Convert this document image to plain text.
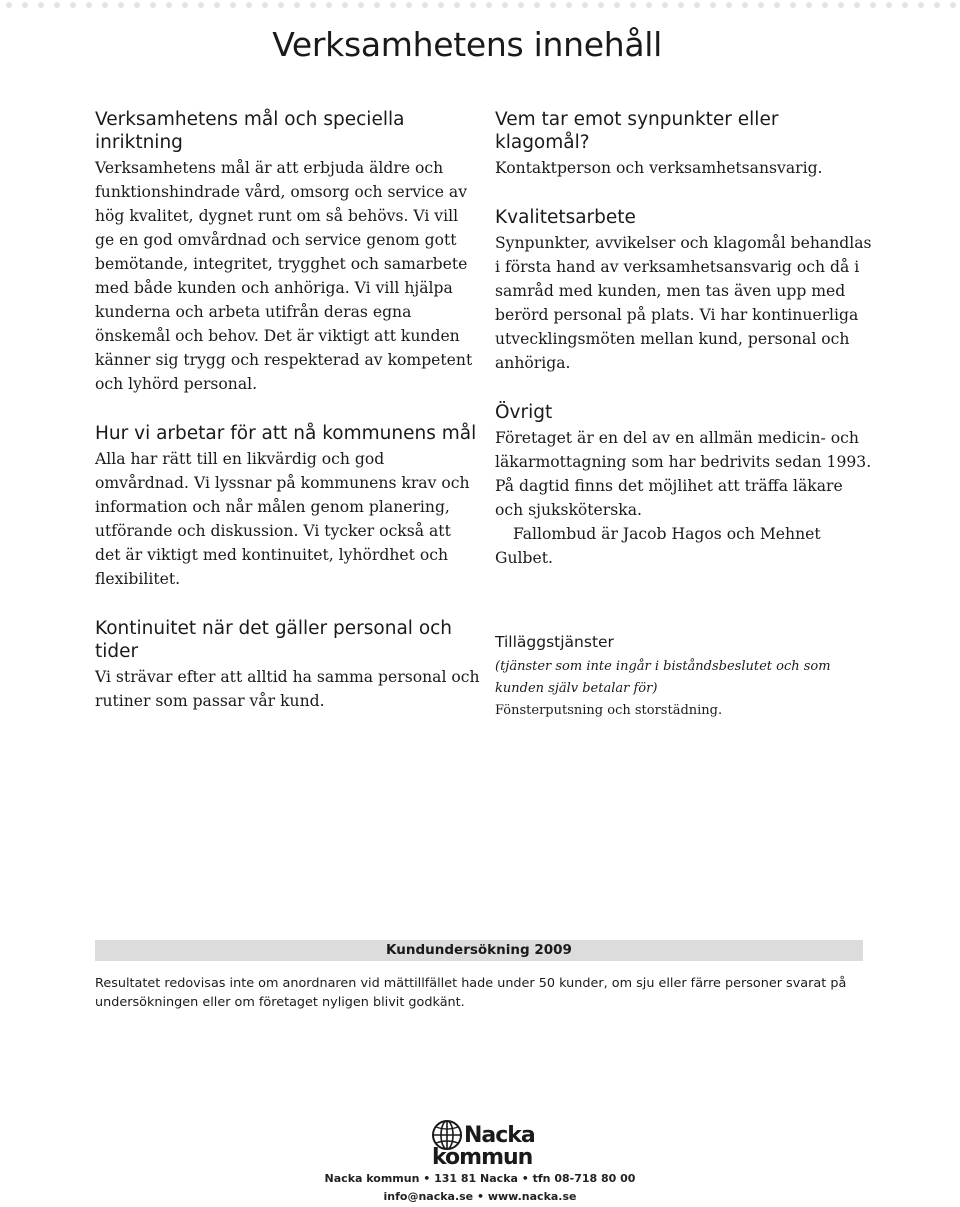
Verksamhetens innehåll
Verksamhetens mål och speciella inriktning

Verksamhetens mål är att erbjuda äldre och funktionshindrade vård, omsorg och service av hög kvalitet, dygnet runt om så behövs. Vi vill ge en god omvårdnad och service genom gott bemötande, integritet, trygghet och samarbete med både kunden och anhöriga. Vi vill hjälpa kunderna och arbeta utifrån deras egna önskemål och behov. Det är viktigt att kunden känner sig trygg och respekterad av kompetent och lyhörd personal.

Hur vi arbetar för att nå kommunens mål

Alla har rätt till en likvärdig och god omvårdnad. Vi lyssnar på kommunens krav och information och når målen genom planering, utförande och diskussion. Vi tycker också att det är viktigt med kontinuitet, lyhördhet och flexibilitet.

Kontinuitet när det gäller personal och tider

Vi strävar efter att alltid ha samma personal och rutiner som passar vår kund.

Vem tar emot synpunkter eller klagomål?

Kontaktperson och verksamhetsansvarig.

Kvalitetsarbete

Synpunkter, avvikelser och klagomål behandlas i första hand av verksamhetsansvarig och då i samråd med kunden, men tas även upp med berörd personal på plats. Vi har kontinuerliga utvecklingsmöten mellan kund, personal och anhöriga.

Övrigt

Företaget är en del av en allmän medicin- och läkarmottagning som har bedrivits sedan 1993. På dagtid finns det möjlihet att träffa läkare och sjuksköterska.

Fallombud är Jacob Hagos och Mehnet Gulbet.

Tilläggstjänster

(tjänster som inte ingår i biståndsbeslutet och som kunden själv betalar för)

Fönsterputsning och storstädning.

Kundundersökning 2009

Resultatet redovisas inte om anordnaren vid mättillfället hade under 50 kunder, om sju eller färre personer svarat på undersökningen eller om företaget nyligen blivit godkänt.

Nacka
kommun

Nacka kommun • 131 81 Nacka • tfn 08-718 80 00

info@nacka.se • www.nacka.se
